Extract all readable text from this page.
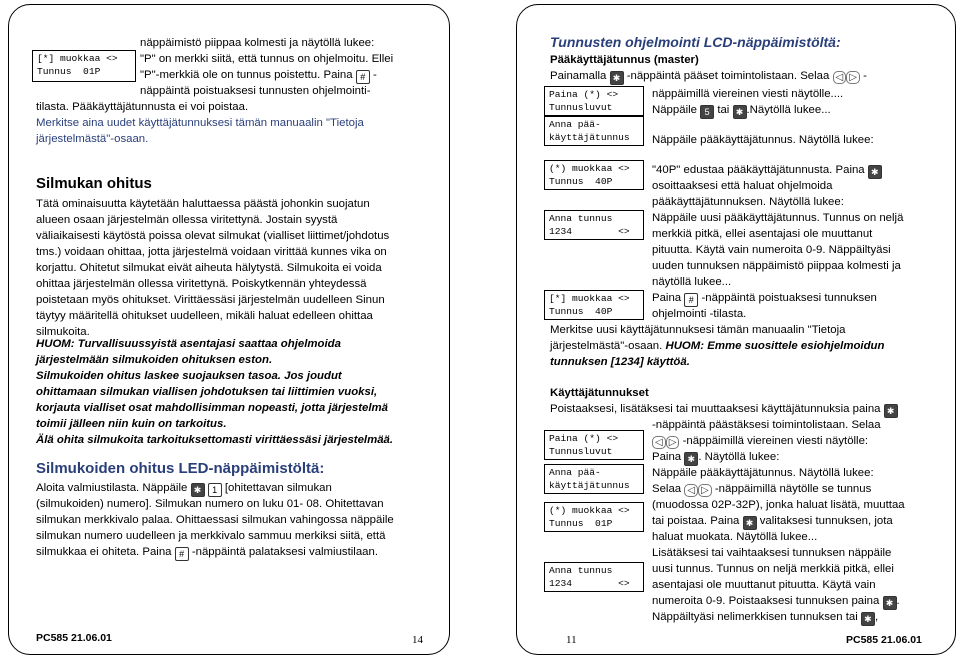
[*] muokkaa <>
Tunnus  01P
näppäimistö piippaa kolmesti ja näytöllä lukee:
"P" on merkki siitä, että tunnus on ohjelmoitu. Ellei
"P"-merkkiä ole on tunnus poistettu. Paina # -
näppäintä poistuaksesi tunnusten ohjelmointi-
tilasta. Pääkäyttäjätunnusta ei voi poistaa.
Merkitse aina uudet käyttäjätunnuksesi tämän manuaalin "Tietoja
järjestelmästä"-osaan.
Silmukan ohitus
Tätä ominaisuutta käytetään haluttaessa päästä johonkin suojatun
alueen osaan järjestelmän ollessa viritettynä. Jostain syystä
väliaikaisesti käytöstä poissa olevat silmukat (vialliset liittimet/johdotus
tms.) voidaan ohittaa, jotta järjestelmä voidaan virittää kunnes vika on
korjattu. Ohitetut silmukat eivät aiheuta hälytystä. Silmukoita ei voida
ohittaa järjestelmän ollessa viritettynä. Poiskytkennän yhteydessä
poistetaan myös ohitukset. Virittäessäsi järjestelmän uudelleen Sinun
täytyy määritellä ohitukset uudelleen, mikäli haluat edelleen ohittaa
silmukoita.
HUOM: Turvallisuussyistä asentajasi saattaa ohjelmoida
järjestelmään silmukoiden ohituksen eston.
Silmukoiden ohitus laskee suojauksen tasoa. Jos joudut
ohittamaan silmukan viallisen johdotuksen tai liittimien vuoksi,
korjauta vialliset osat mahdollisimman nopeasti, jotta järjestelmä
toimii jälleen niin kuin on tarkoitus.
Älä ohita silmukoita tarkoituksettomasti virittäessäsi järjestelmää.
Silmukoiden ohitus LED-näppäimistöltä:
Aloita valmiustilasta. Näppäile ✱ 1 [ohitettavan silmukan
(silmukoiden) numero]. Silmukan numero on luku 01- 08. Ohitettavan
silmukan merkkivalo palaa. Ohittaessasi silmukan vahingossa näppäile
silmukan numero uudelleen ja merkkivalo sammuu merkiksi siitä, että
silmukkaa ei ohiteta. Paina # -näppäintä palataksesi valmiustilaan.
PC585 21.06.01	14
Tunnusten ohjelmointi LCD-näppäimistöltä:
Pääkäyttäjätunnus (master)
Painamalla ✱ -näppäintä pääset toimintolistaan. Selaa ◁ ▷ -
Paina (*) <>
Tunnusluvut
näppäimillä viereinen viesti näytölle....
Näppäile 5 tai ✱ .Näytöllä lukee...
Anna pää-
käyttäjätunnus	Näppäile pääkäyttäjätunnus. Näytöllä lukee:
(*) muokkaa <>
Tunnus  40P
"40P" edustaa pääkäyttäjätunnusta. Paina ✱
osoittaaksesi että haluat ohjelmoida
pääkäyttäjätunnuksen. Näytöllä lukee:
Anna tunnus
1234        <>
Näppäile uusi pääkäyttäjätunnus. Tunnus on neljä
merkkiä pitkä, ellei asentajasi ole muuttanut
pituutta. Käytä vain numeroita 0-9. Näppäiltyäsi
uuden tunnuksen näppäimistö piippaa kolmesti ja
näytöllä lukee...
[*] muokkaa <>
Tunnus  40P
Paina # -näppäintä poistuaksesi tunnuksen
ohjelmointi -tilasta.
Merkitse uusi käyttäjätunnuksesi tämän manuaalin "Tietoja
järjestelmästä"-osaan. HUOM: Emme suosittele esiohjelmoidun
tunnuksen [1234] käyttöä.
Käyttäjätunnukset
Poistaaksesi, lisätäksesi tai muuttaaksesi käyttäjätunnuksia paina ✱
-näppäintä päästäksesi toimintolistaan. Selaa
Paina (*) <>
Tunnusluvut
◁ ▷ -näppäimillä viereinen viesti näytölle:
Paina ✱ . Näytöllä lukee:
Anna pää-
käyttäjätunnus
Näppäile pääkäyttäjätunnus. Näytöllä lukee:
Selaa ◁ ▷ -näppäimillä näytölle se tunnus
(*) muokkaa <>
Tunnus  01P
(muodossa 02P-32P), jonka haluat lisätä, muuttaa
tai poistaa. Paina ✱ valitaksesi tunnuksen, jota
haluat muokata. Näytöllä lukee...
Lisätäksesi tai vaihtaaksesi tunnuksen näppäile
Anna tunnus
1234        <>
uusi tunnus. Tunnus on neljä merkkiä pitkä, ellei
asentajasi ole muuttanut pituutta. Käytä vain
numeroita 0-9. Poistaaksesi tunnuksen paina ✱ .
Näppäiltyäsi nelimerkkisen tunnuksen tai ✱ ,
11	PC585 21.06.01
